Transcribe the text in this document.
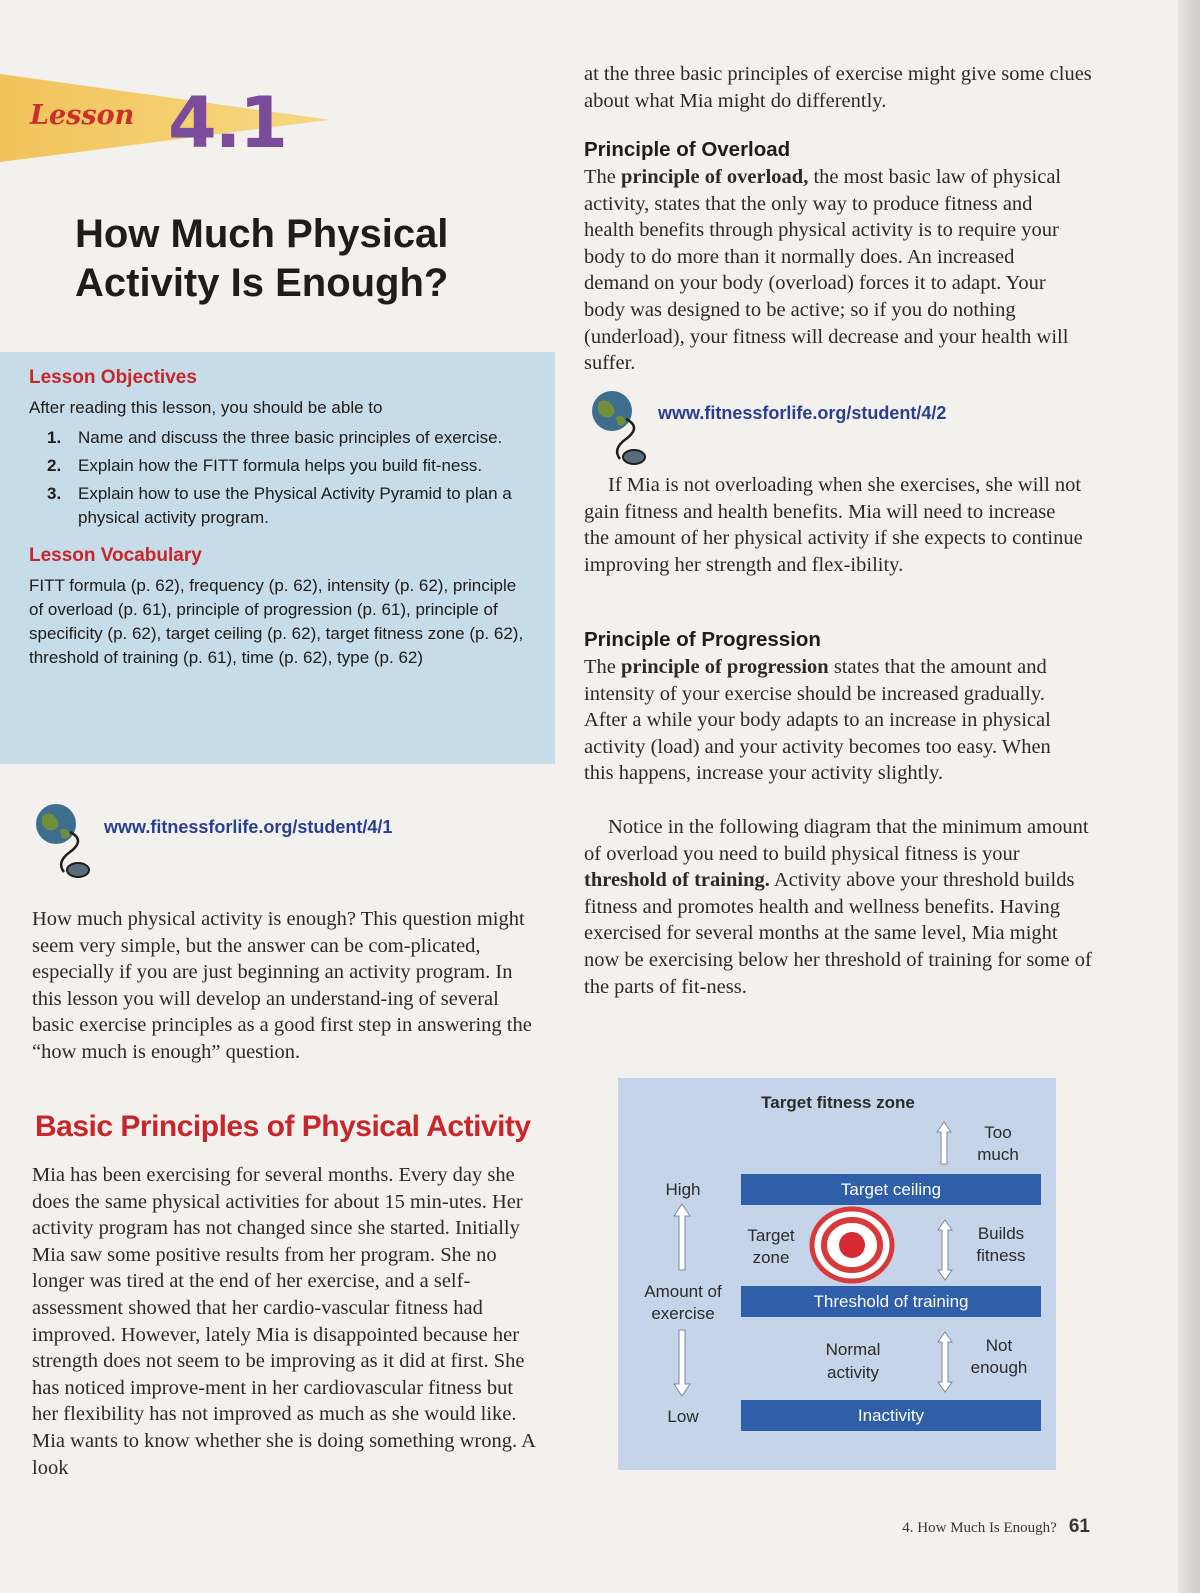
Lesson 4.1
How Much Physical Activity Is Enough?
Lesson Objectives
After reading this lesson, you should be able to
1. Name and discuss the three basic principles of exercise.
2. Explain how the FITT formula helps you build fit-ness.
3. Explain how to use the Physical Activity Pyramid to plan a physical activity program.
Lesson Vocabulary
FITT formula (p. 62), frequency (p. 62), intensity (p. 62), principle of overload (p. 61), principle of progression (p. 61), principle of specificity (p. 62), target ceiling (p. 62), target fitness zone (p. 62), threshold of training (p. 61), time (p. 62), type (p. 62)
www.fitnessforlife.org/student/4/1

How much physical activity is enough? This question might seem very simple, but the answer can be com-plicated, especially if you are just beginning an activity program. In this lesson you will develop an understand-ing of several basic exercise principles as a good first step in answering the “how much is enough” question.

Basic Principles of Physical Activity

Mia has been exercising for several months. Every day she does the same physical activities for about 15 min-utes. Her activity program has not changed since she started. Initially Mia saw some positive results from her program. She no longer was tired at the end of her exercise, and a self-assessment showed that her cardio-vascular fitness had improved. However, lately Mia is disappointed because her strength does not seem to be improving as it did at first. She has noticed improve-ment in her cardiovascular fitness but her flexibility has not improved as much as she would like. Mia wants to know whether she is doing something wrong. A look

at the three basic principles of exercise might give some clues about what Mia might do differently.

Principle of Overload

The principle of overload, the most basic law of physical activity, states that the only way to produce fitness and health benefits through physical activity is to require your body to do more than it normally does. An increased demand on your body (overload) forces it to adapt. Your body was designed to be active; so if you do nothing (underload), your fitness will decrease and your health will suffer.

www.fitnessforlife.org/student/4/2

If Mia is not overloading when she exercises, she will not gain fitness and health benefits. Mia will need to increase the amount of her physical activity if she expects to continue improving her strength and flex-ibility.

Principle of Progression

The principle of progression states that the amount and intensity of your exercise should be increased gradually. After a while your body adapts to an increase in physical activity (load) and your activity becomes too easy. When this happens, increase your activity slightly.

Notice in the following diagram that the minimum amount of overload you need to build physical fitness is your threshold of training. Activity above your threshold builds fitness and promotes health and wellness benefits. Having exercised for several months at the same level, Mia might now be exercising below her threshold of training for some of the parts of fit-ness.

Target fitness zone
High
Amount of
exercise
Low
Target ceiling
Threshold of training
Inactivity
Target
zone
Normal
activity
Too
much
Builds
fitness
Not
enough
4. How Much Is Enough? 61
